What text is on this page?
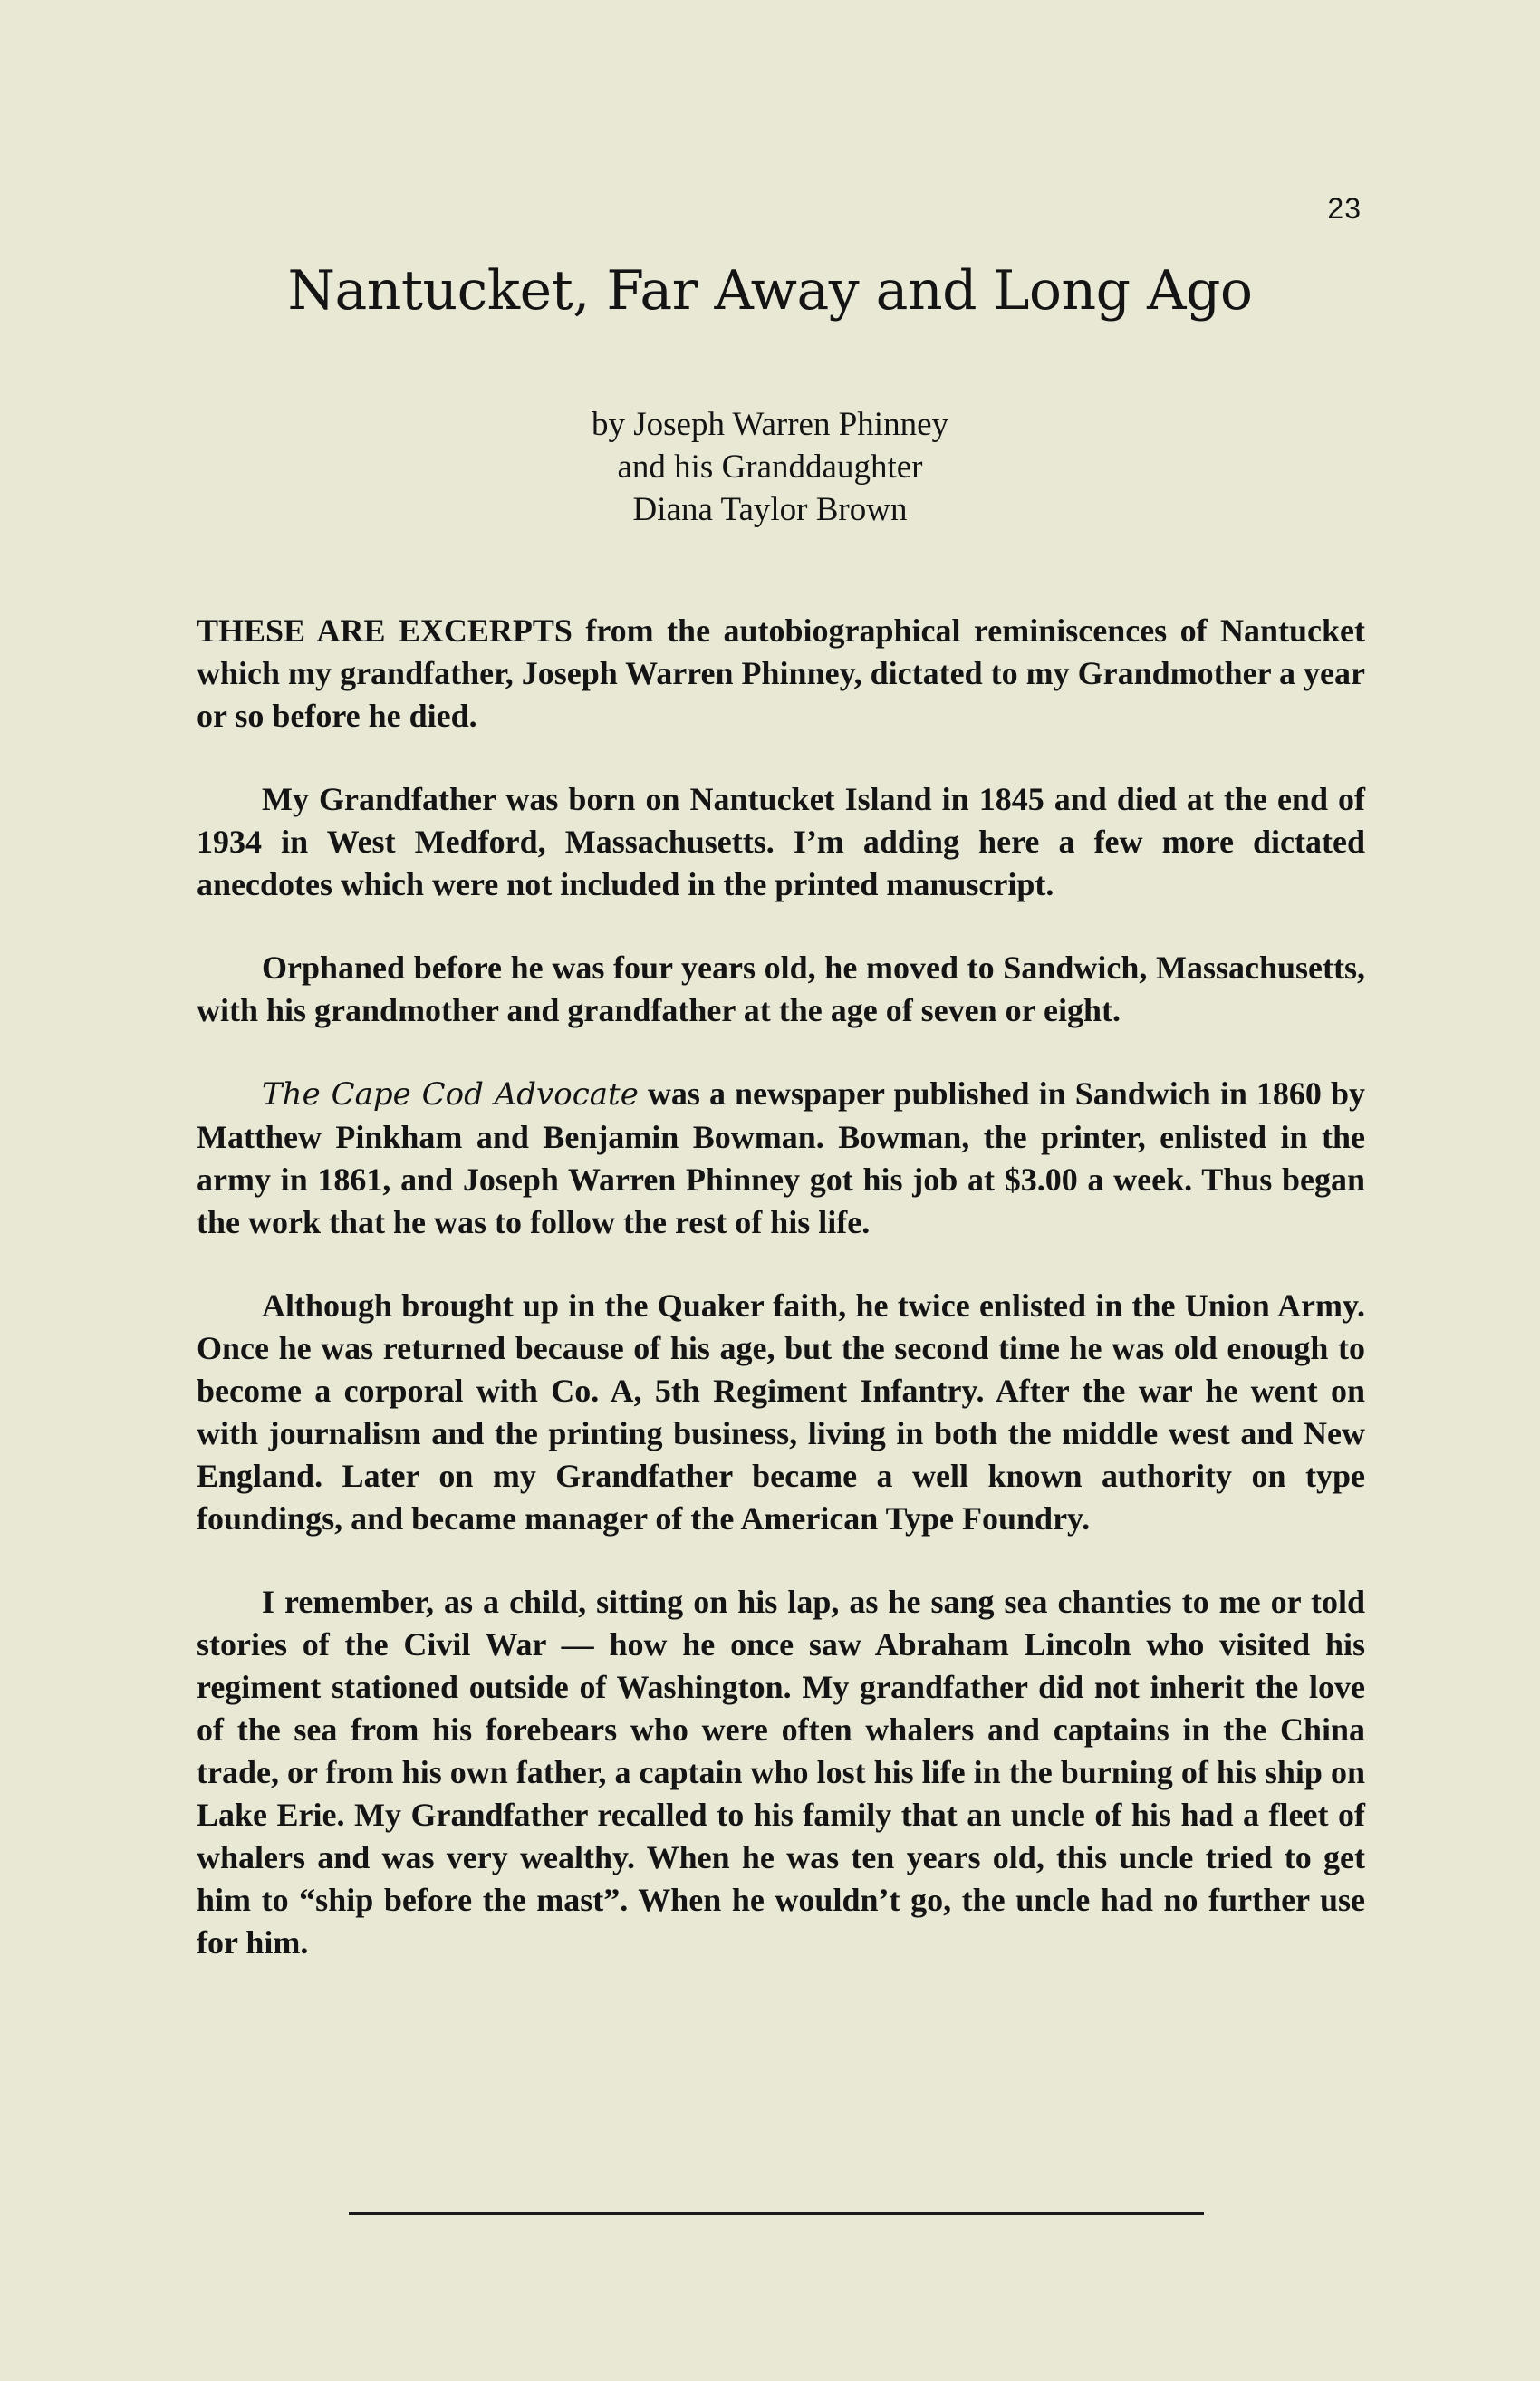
23
Nantucket, Far Away and Long Ago
by Joseph Warren Phinney
and his Granddaughter
Diana Taylor Brown

THESE ARE EXCERPTS from the autobiographical reminiscences of Nantucket which my grandfather, Joseph Warren Phinney, dictated to my Grandmother a year or so before he died.

My Grandfather was born on Nantucket Island in 1845 and died at the end of 1934 in West Medford, Massachusetts. I’m adding here a few more dictated anecdotes which were not included in the printed manuscript.

Orphaned before he was four years old, he moved to Sandwich, Massachusetts, with his grandmother and grandfather at the age of seven or eight.

The Cape Cod Advocate was a newspaper published in Sandwich in 1860 by Matthew Pinkham and Benjamin Bowman. Bowman, the printer, enlisted in the army in 1861, and Joseph Warren Phinney got his job at $3.00 a week. Thus began the work that he was to follow the rest of his life.

Although brought up in the Quaker faith, he twice enlisted in the Union Army. Once he was returned because of his age, but the second time he was old enough to become a corporal with Co. A, 5th Regiment Infantry. After the war he went on with journalism and the printing business, living in both the middle west and New England. Later on my Grandfather became a well known authority on type foundings, and became manager of the American Type Foundry.

I remember, as a child, sitting on his lap, as he sang sea chanties to me or told stories of the Civil War — how he once saw Abraham Lincoln who visited his regiment stationed outside of Washington. My grandfather did not inherit the love of the sea from his forebears who were often whalers and captains in the China trade, or from his own father, a captain who lost his life in the burning of his ship on Lake Erie. My Grandfather recalled to his family that an uncle of his had a fleet of whalers and was very wealthy. When he was ten years old, this uncle tried to get him to “ship before the mast”. When he wouldn’t go, the uncle had no further use for him.
